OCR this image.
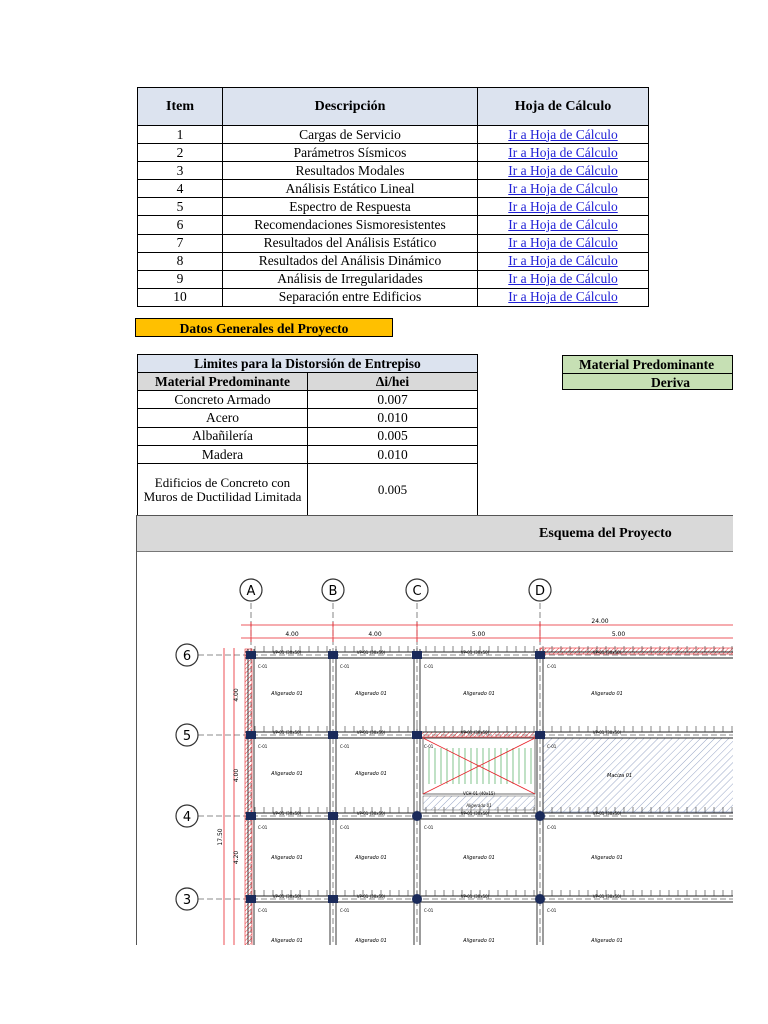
Item	Descripción	Hoja de Cálculo
1	Cargas de Servicio	Ir a Hoja de Cálculo
2	Parámetros Sísmicos	Ir a Hoja de Cálculo
3	Resultados Modales	Ir a Hoja de Cálculo
4	Análisis Estático Lineal	Ir a Hoja de Cálculo
5	Espectro de Respuesta	Ir a Hoja de Cálculo
6	Recomendaciones Sismoresistentes	Ir a Hoja de Cálculo
7	Resultados del Análisis Estático	Ir a Hoja de Cálculo
8	Resultados del Análisis Dinámico	Ir a Hoja de Cálculo
9	Análisis de Irregularidades	Ir a Hoja de Cálculo
10	Separación entre Edificios	Ir a Hoja de Cálculo
Datos Generales del Proyecto
Limites para la Distorsión de Entrepiso	
Material Predominante	Δi/hei
Concreto Armado	0.007
Acero	0.010
Albañilería	0.005
Madera	0.010
Edificios de Concreto con Muros de Ductilidad Limitada	0.005
Material Predominante
Deriva
Esquema del Proyecto
A	B	C	D
6
5
4
3
24.00
4.00	4.00	5.00	5.00
4.00
4.00
4.20
17.50
Maciza 01
VP-01 (30x50)	VP-01 (30x50)	VP-01 (30x50)	VP-01 (30x50)
VP-01 (30x50)	VP-01 (30x50)	VP-01 (30x50)	VP-01 (30x50)
VP-01 (30x50)	VP-01 (30x50)	VP-01 (30x50)	VP-01 (30x50)
VP-01 (30x50)	VP-01 (30x50)	VP-01 (30x50)	VP-01 (30x50)
C-01
C-01
C-01
C-01
C-01
C-01
C-01
C-01
C-01
C-01
C-01
C-01
C-01
C-01
C-01
C-01
Aligerado 01	Aligerado 01	Aligerado 01	Aligerado 01
Aligerado 01	Aligerado 01
Aligerado 01	Aligerado 01	Aligerado 01	Aligerado 01
Aligerado 01	Aligerado 01	Aligerado 01	Aligerado 01
VCH-01 (40x15)
Aligerado 01
